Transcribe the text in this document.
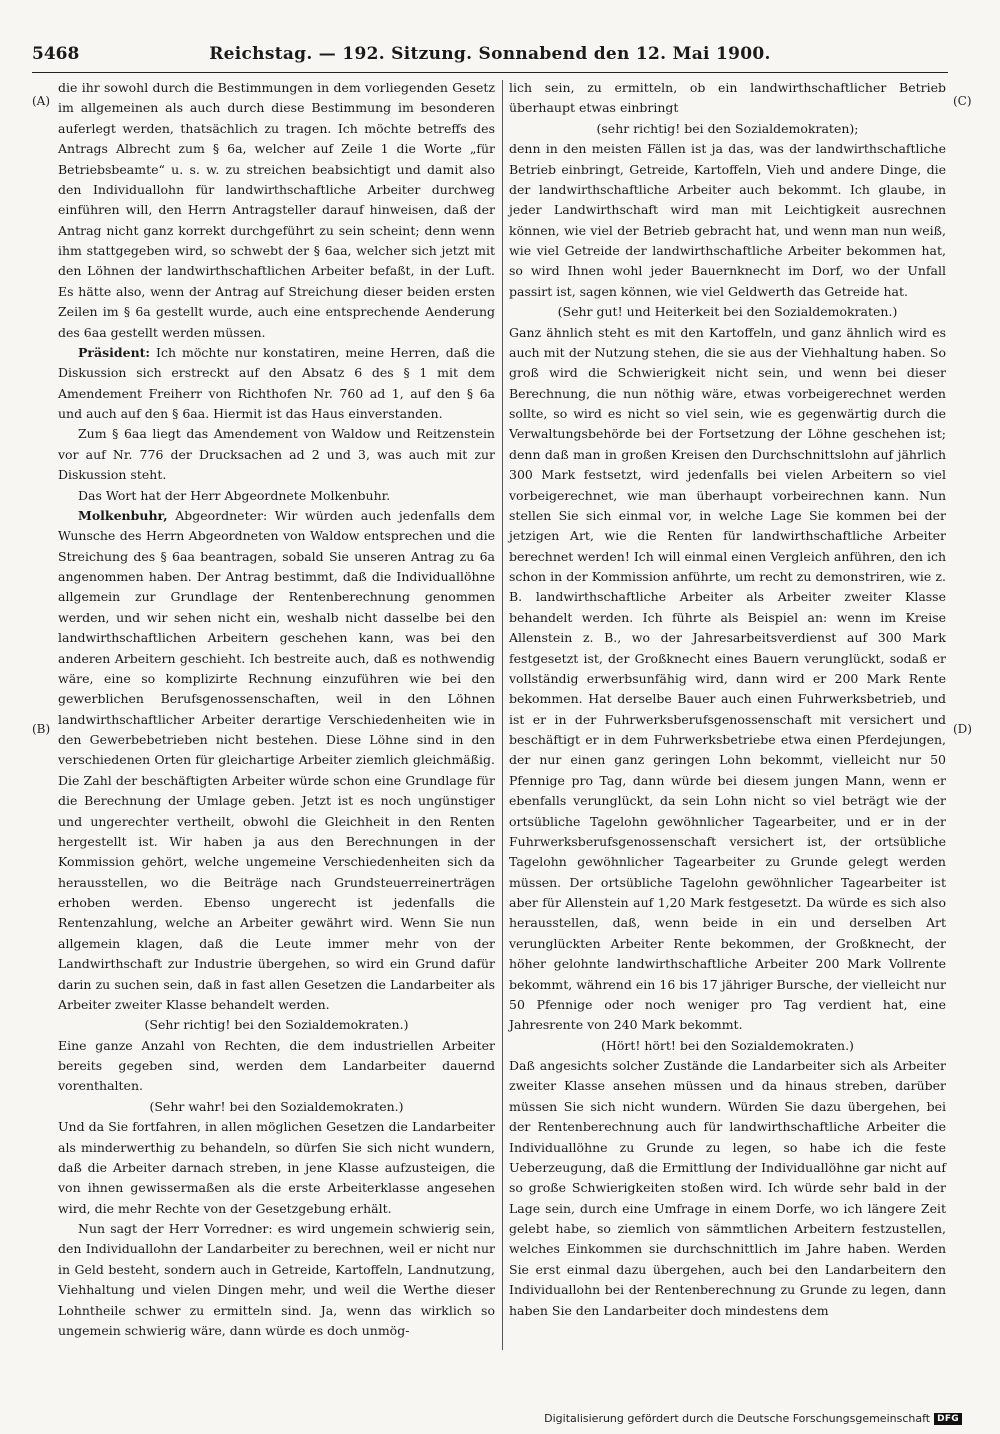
5468	Reichstag. — 192. Sitzung. Sonnabend den 12. Mai 1900.
(A)
(B)
(C)
(D)

die ihr sowohl durch die Bestimmungen in dem vorliegenden Gesetz im allgemeinen als auch durch diese Bestimmung im besonderen auferlegt werden, thatsächlich zu tragen. Ich möchte betreffs des Antrags Albrecht zum § 6a, welcher auf Zeile 1 die Worte „für Betriebsbeamte“ u. s. w. zu streichen beabsichtigt und damit also den Individuallohn für landwirthschaftliche Arbeiter durchweg einführen will, den Herrn Antragsteller darauf hinweisen, daß der Antrag nicht ganz korrekt durchgeführt zu sein scheint; denn wenn ihm stattgegeben wird, so schwebt der § 6aa, welcher sich jetzt mit den Löhnen der landwirthschaftlichen Arbeiter befaßt, in der Luft. Es hätte also, wenn der Antrag auf Streichung dieser beiden ersten Zeilen im § 6a gestellt wurde, auch eine entsprechende Aenderung des 6aa gestellt werden müssen.

Präsident: Ich möchte nur konstatiren, meine Herren, daß die Diskussion sich erstreckt auf den Absatz 6 des § 1 mit dem Amendement Freiherr von Richthofen Nr. 760 ad 1, auf den § 6a und auch auf den § 6aa. Hiermit ist das Haus einverstanden.

Zum § 6aa liegt das Amendement von Waldow und Reitzenstein vor auf Nr. 776 der Drucksachen ad 2 und 3, was auch mit zur Diskussion steht.

Das Wort hat der Herr Abgeordnete Molkenbuhr.

Molkenbuhr, Abgeordneter: Wir würden auch jedenfalls dem Wunsche des Herrn Abgeordneten von Waldow entsprechen und die Streichung des § 6aa beantragen, sobald Sie unseren Antrag zu 6a angenommen haben. Der Antrag bestimmt, daß die Individuallöhne allgemein zur Grundlage der Rentenberechnung genommen werden, und wir sehen nicht ein, weshalb nicht dasselbe bei den landwirthschaftlichen Arbeitern geschehen kann, was bei den anderen Arbeitern geschieht. Ich bestreite auch, daß es nothwendig wäre, eine so komplizirte Rechnung einzuführen wie bei den gewerblichen Berufsgenossenschaften, weil in den Löhnen landwirthschaftlicher Arbeiter derartige Verschiedenheiten wie in den Gewerbebetrieben nicht bestehen. Diese Löhne sind in den verschiedenen Orten für gleichartige Arbeiter ziemlich gleichmäßig. Die Zahl der beschäftigten Arbeiter würde schon eine Grundlage für die Berechnung der Umlage geben. Jetzt ist es noch ungünstiger und ungerechter vertheilt, obwohl die Gleichheit in den Renten hergestellt ist. Wir haben ja aus den Berechnungen in der Kommission gehört, welche ungemeine Verschiedenheiten sich da herausstellen, wo die Beiträge nach Grundsteuerreinerträgen erhoben werden. Ebenso ungerecht ist jedenfalls die Rentenzahlung, welche an Arbeiter gewährt wird. Wenn Sie nun allgemein klagen, daß die Leute immer mehr von der Landwirthschaft zur Industrie übergehen, so wird ein Grund dafür darin zu suchen sein, daß in fast allen Gesetzen die Landarbeiter als Arbeiter zweiter Klasse behandelt werden.

(Sehr richtig! bei den Sozialdemokraten.)

Eine ganze Anzahl von Rechten, die dem industriellen Arbeiter bereits gegeben sind, werden dem Landarbeiter dauernd vorenthalten.

(Sehr wahr! bei den Sozialdemokraten.)

Und da Sie fortfahren, in allen möglichen Gesetzen die Landarbeiter als minderwerthig zu behandeln, so dürfen Sie sich nicht wundern, daß die Arbeiter darnach streben, in jene Klasse aufzusteigen, die von ihnen gewissermaßen als die erste Arbeiterklasse angesehen wird, die mehr Rechte von der Gesetzgebung erhält.

Nun sagt der Herr Vorredner: es wird ungemein schwierig sein, den Individuallohn der Landarbeiter zu berechnen, weil er nicht nur in Geld besteht, sondern auch in Getreide, Kartoffeln, Landnutzung, Viehhaltung und vielen Dingen mehr, und weil die Werthe dieser Lohntheile schwer zu ermitteln sind. Ja, wenn das wirklich so ungemein schwierig wäre, dann würde es doch unmög-

lich sein, zu ermitteln, ob ein landwirthschaftlicher Betrieb überhaupt etwas einbringt

(sehr richtig! bei den Sozialdemokraten);

denn in den meisten Fällen ist ja das, was der landwirthschaftliche Betrieb einbringt, Getreide, Kartoffeln, Vieh und andere Dinge, die der landwirthschaftliche Arbeiter auch bekommt. Ich glaube, in jeder Landwirthschaft wird man mit Leichtigkeit ausrechnen können, wie viel der Betrieb gebracht hat, und wenn man nun weiß, wie viel Getreide der landwirthschaftliche Arbeiter bekommen hat, so wird Ihnen wohl jeder Bauernknecht im Dorf, wo der Unfall passirt ist, sagen können, wie viel Geldwerth das Getreide hat.

(Sehr gut! und Heiterkeit bei den Sozialdemokraten.)

Ganz ähnlich steht es mit den Kartoffeln, und ganz ähnlich wird es auch mit der Nutzung stehen, die sie aus der Viehhaltung haben. So groß wird die Schwierigkeit nicht sein, und wenn bei dieser Berechnung, die nun nöthig wäre, etwas vorbeigerechnet werden sollte, so wird es nicht so viel sein, wie es gegenwärtig durch die Verwaltungsbehörde bei der Fortsetzung der Löhne geschehen ist; denn daß man in großen Kreisen den Durchschnittslohn auf jährlich 300 Mark festsetzt, wird jedenfalls bei vielen Arbeitern so viel vorbeigerechnet, wie man überhaupt vorbeirechnen kann. Nun stellen Sie sich einmal vor, in welche Lage Sie kommen bei der jetzigen Art, wie die Renten für landwirthschaftliche Arbeiter berechnet werden! Ich will einmal einen Vergleich anführen, den ich schon in der Kommission anführte, um recht zu demonstriren, wie z. B. landwirthschaftliche Arbeiter als Arbeiter zweiter Klasse behandelt werden. Ich führte als Beispiel an: wenn im Kreise Allenstein z. B., wo der Jahresarbeitsverdienst auf 300 Mark festgesetzt ist, der Großknecht eines Bauern verunglückt, sodaß er vollständig erwerbsunfähig wird, dann wird er 200 Mark Rente bekommen. Hat derselbe Bauer auch einen Fuhrwerksbetrieb, und ist er in der Fuhrwerksberufsgenossenschaft mit versichert und beschäftigt er in dem Fuhrwerksbetriebe etwa einen Pferdejungen, der nur einen ganz geringen Lohn bekommt, vielleicht nur 50 Pfennige pro Tag, dann würde bei diesem jungen Mann, wenn er ebenfalls verunglückt, da sein Lohn nicht so viel beträgt wie der ortsübliche Tagelohn gewöhnlicher Tagearbeiter, und er in der Fuhrwerksberufsgenossenschaft versichert ist, der ortsübliche Tagelohn gewöhnlicher Tagearbeiter zu Grunde gelegt werden müssen. Der ortsübliche Tagelohn gewöhnlicher Tagearbeiter ist aber für Allenstein auf 1,20 Mark festgesetzt. Da würde es sich also herausstellen, daß, wenn beide in ein und derselben Art verunglückten Arbeiter Rente bekommen, der Großknecht, der höher gelohnte landwirthschaftliche Arbeiter 200 Mark Vollrente bekommt, während ein 16 bis 17 jähriger Bursche, der vielleicht nur 50 Pfennige oder noch weniger pro Tag verdient hat, eine Jahresrente von 240 Mark bekommt.

(Hört! hört! bei den Sozialdemokraten.)

Daß angesichts solcher Zustände die Landarbeiter sich als Arbeiter zweiter Klasse ansehen müssen und da hinaus streben, darüber müssen Sie sich nicht wundern. Würden Sie dazu übergehen, bei der Rentenberechnung auch für landwirthschaftliche Arbeiter die Individuallöhne zu Grunde zu legen, so habe ich die feste Ueberzeugung, daß die Ermittlung der Individuallöhne gar nicht auf so große Schwierigkeiten stoßen wird. Ich würde sehr bald in der Lage sein, durch eine Umfrage in einem Dorfe, wo ich längere Zeit gelebt habe, so ziemlich von sämmtlichen Arbeitern festzustellen, welches Einkommen sie durchschnittlich im Jahre haben. Werden Sie erst einmal dazu übergehen, auch bei den Landarbeitern den Individuallohn bei der Rentenberechnung zu Grunde zu legen, dann haben Sie den Landarbeiter doch mindestens dem

Digitalisierung gefördert durch die Deutsche Forschungsgemeinschaft DFG
